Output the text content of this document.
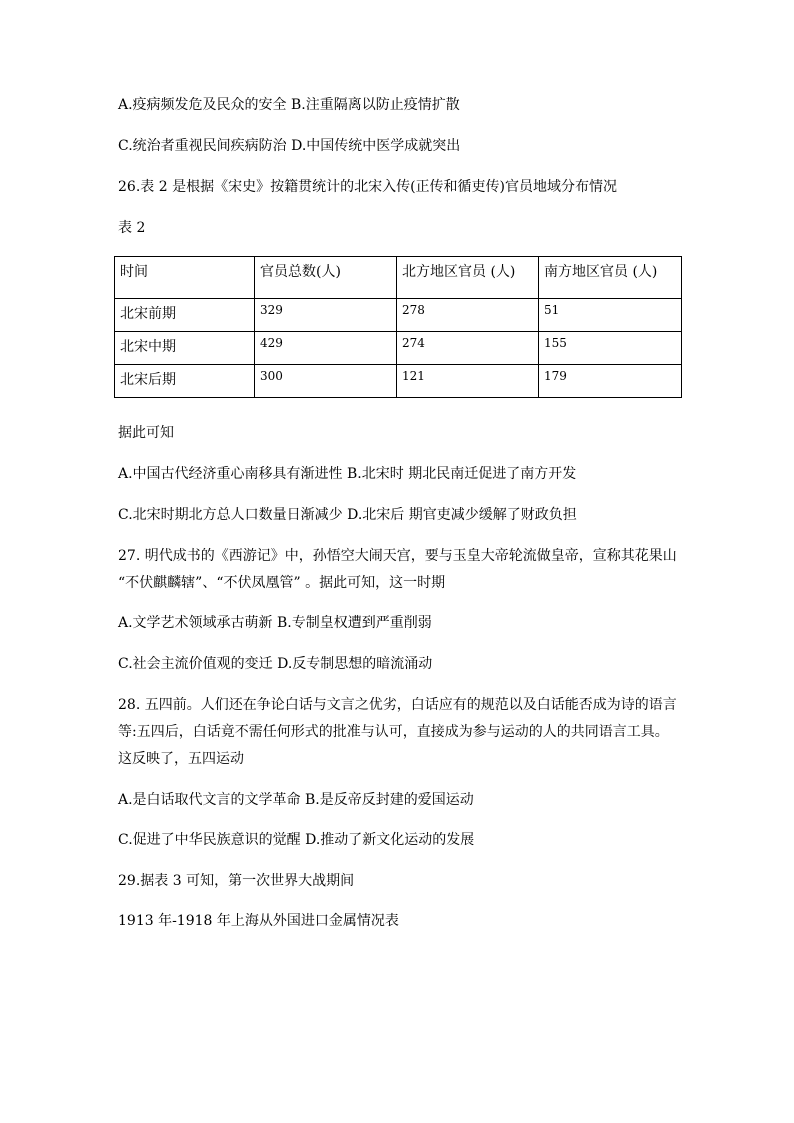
A.疫病频发危及民众的安全 B.注重隔离以防止疫情扩散
C.统治者重视民间疾病防治 D.中国传统中医学成就突出
26.表 2 是根据《宋史》按籍贯统计的北宋入传(正传和循吏传)官员地域分布情况
表 2
时间	官员总数(人)	北方地区官员 (人)	南方地区官员 (人)
北宋前期	329	278	51
北宋中期	429	274	155
北宋后期	300	121	179
据此可知
A.中国古代经济重心南移具有渐进性 B.北宋时 期北民南迁促进了南方开发
C.北宋时期北方总人口数量日渐减少 D.北宋后 期官吏减少缓解了财政负担
27. 明代成书的《西游记》中，孙悟空大闹天宫，要与玉皇大帝轮流做皇帝，宣称其花果山
“不伏麒麟辖”、“不伏凤凰管” 。据此可知，这一时期
A.文学艺术领域承古萌新 B.专制皇权遭到严重削弱
C.社会主流价值观的变迁 D.反专制思想的暗流涌动
28. 五四前。人们还在争论白话与文言之优劣，白话应有的规范以及白话能否成为诗的语言
等:五四后，白话竟不需任何形式的批准与认可，直接成为参与运动的人的共同语言工具。
这反映了，五四运动
A.是白话取代文言的文学革命 B.是反帝反封建的爱国运动
C.促进了中华民族意识的觉醒 D.推动了新文化运动的发展
29.据表 3 可知，第一次世界大战期间
1913 年-1918 年上海从外国进口金属情况表
